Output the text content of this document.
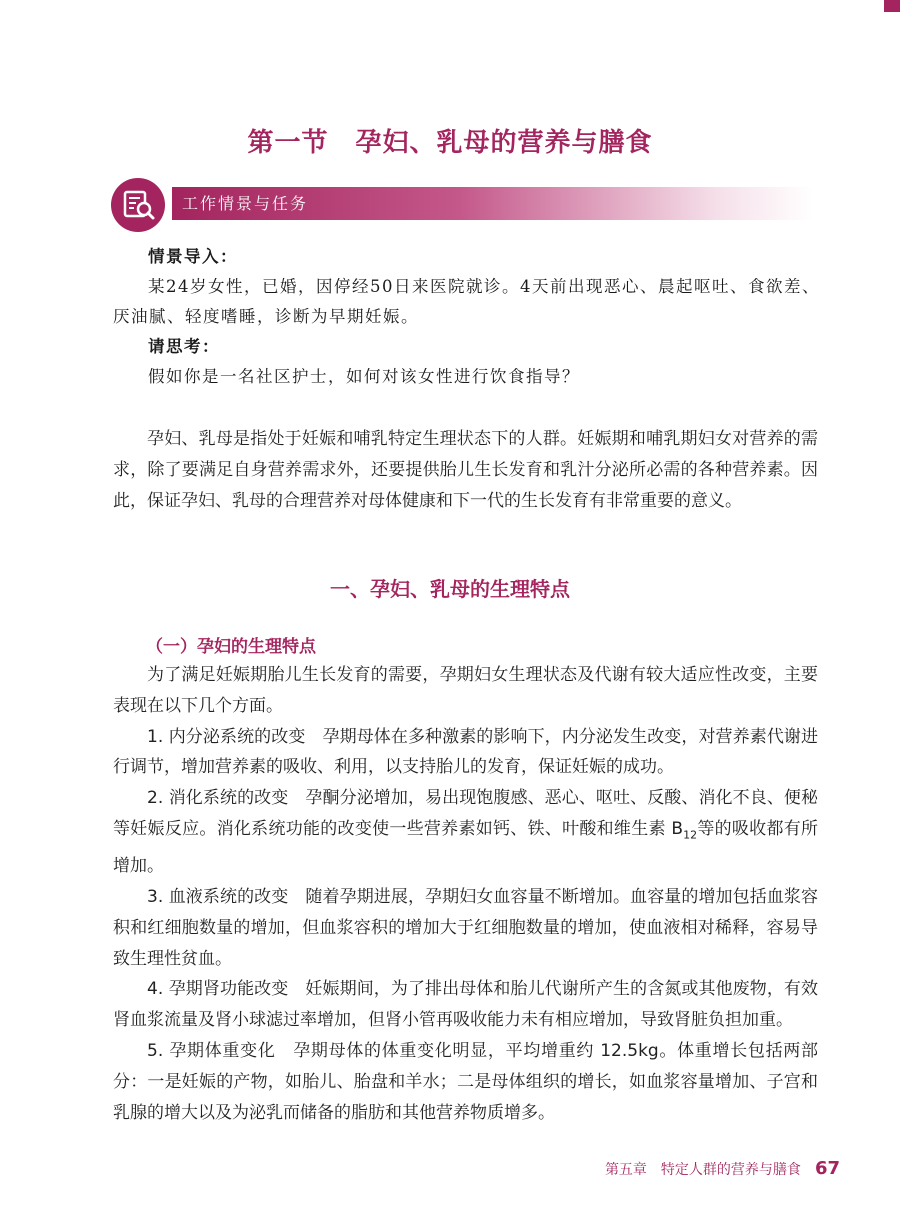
第一节　孕妇、乳母的营养与膳食
工作情景与任务
情景导入：
某24岁女性，已婚，因停经50日来医院就诊。4天前出现恶心、晨起呕吐、食欲差、厌油腻、轻度嗜睡，诊断为早期妊娠。
请思考：
假如你是一名社区护士，如何对该女性进行饮食指导？

孕妇、乳母是指处于妊娠和哺乳特定生理状态下的人群。妊娠期和哺乳期妇女对营养的需求，除了要满足自身营养需求外，还要提供胎儿生长发育和乳汁分泌所必需的各种营养素。因此，保证孕妇、乳母的合理营养对母体健康和下一代的生长发育有非常重要的意义。

一、孕妇、乳母的生理特点
（一）孕妇的生理特点

为了满足妊娠期胎儿生长发育的需要，孕期妇女生理状态及代谢有较大适应性改变，主要表现在以下几个方面。

1. 内分泌系统的改变　孕期母体在多种激素的影响下，内分泌发生改变，对营养素代谢进行调节，增加营养素的吸收、利用，以支持胎儿的发育，保证妊娠的成功。

2. 消化系统的改变　孕酮分泌增加，易出现饱腹感、恶心、呕吐、反酸、消化不良、便秘等妊娠反应。消化系统功能的改变使一些营养素如钙、铁、叶酸和维生素 $B_{12}$等的吸收都有所增加。

3. 血液系统的改变　随着孕期进展，孕期妇女血容量不断增加。血容量的增加包括血浆容积和红细胞数量的增加，但血浆容积的增加大于红细胞数量的增加，使血液相对稀释，容易导致生理性贫血。

4. 孕期肾功能改变　妊娠期间，为了排出母体和胎儿代谢所产生的含氮或其他废物，有效肾血浆流量及肾小球滤过率增加，但肾小管再吸收能力未有相应增加，导致肾脏负担加重。

5. 孕期体重变化　孕期母体的体重变化明显，平均增重约 12.5kg。体重增长包括两部分：一是妊娠的产物，如胎儿、胎盘和羊水；二是母体组织的增长，如血浆容量增加、子宫和乳腺的增大以及为泌乳而储备的脂肪和其他营养物质增多。

第五章　特定人群的营养与膳食 67
